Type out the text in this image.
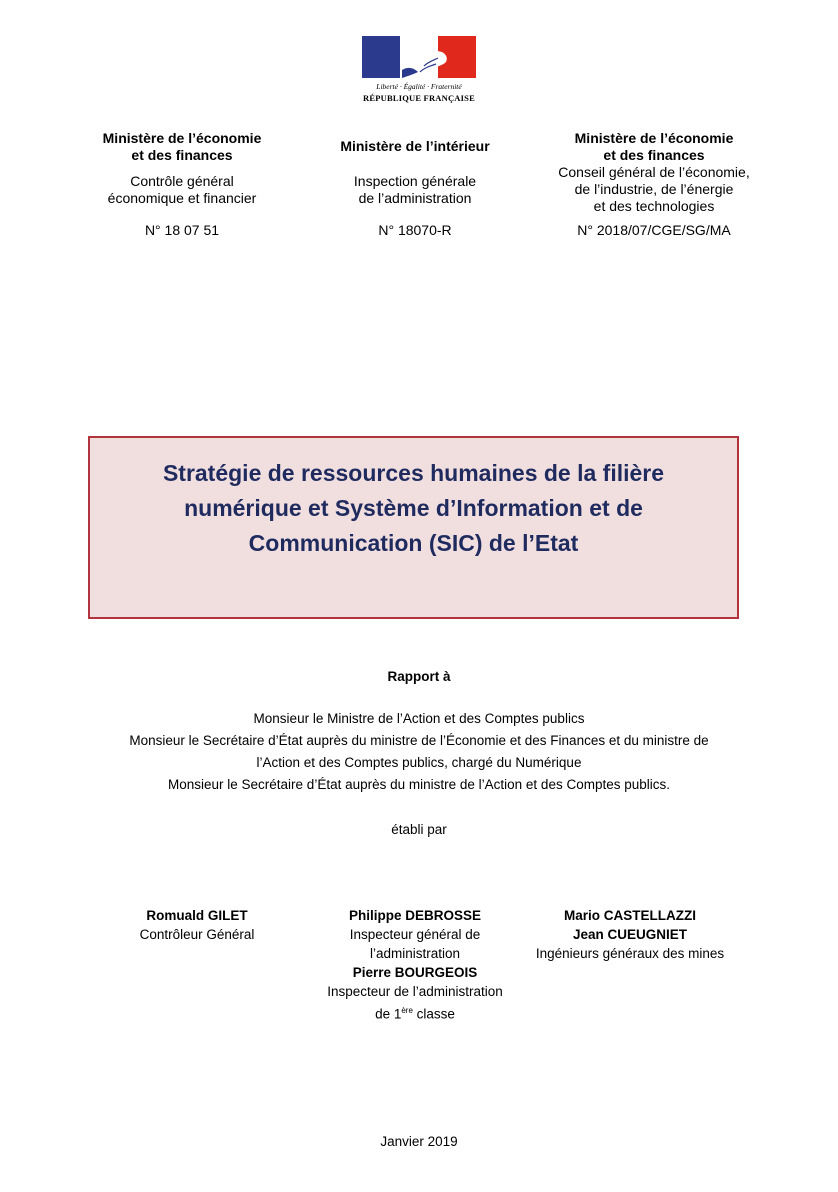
Liberté · Égalité · Fraternité
RÉPUBLIQUE FRANÇAISE
Ministère de l’économie
et des finances
Contrôle général
économique et financier
N° 18 07 51
Ministère de l’intérieur
Inspection générale
de l’administration
N° 18070-R
Ministère de l’économie
et des finances
Conseil général de l’économie,
de l’industrie, de l’énergie
et des technologies
N° 2018/07/CGE/SG/MA
Stratégie de ressources humaines de la filière
numérique et Système d’Information et de
Communication (SIC) de l’Etat
Rapport à
Monsieur le Ministre de l’Action et des Comptes publics
Monsieur le Secrétaire d’État auprès du ministre de l’Économie et des Finances et du ministre de
l’Action et des Comptes publics, chargé du Numérique
Monsieur le Secrétaire d’État auprès du ministre de l’Action et des Comptes publics.
établi par
Romuald GILET
Contrôleur Général
Philippe DEBROSSE
Inspecteur général de
l’administration
Pierre BOURGEOIS
Inspecteur de l’administration
de 1ère classe
Mario CASTELLAZZI
Jean CUEUGNIET
Ingénieurs généraux des mines
Janvier 2019
